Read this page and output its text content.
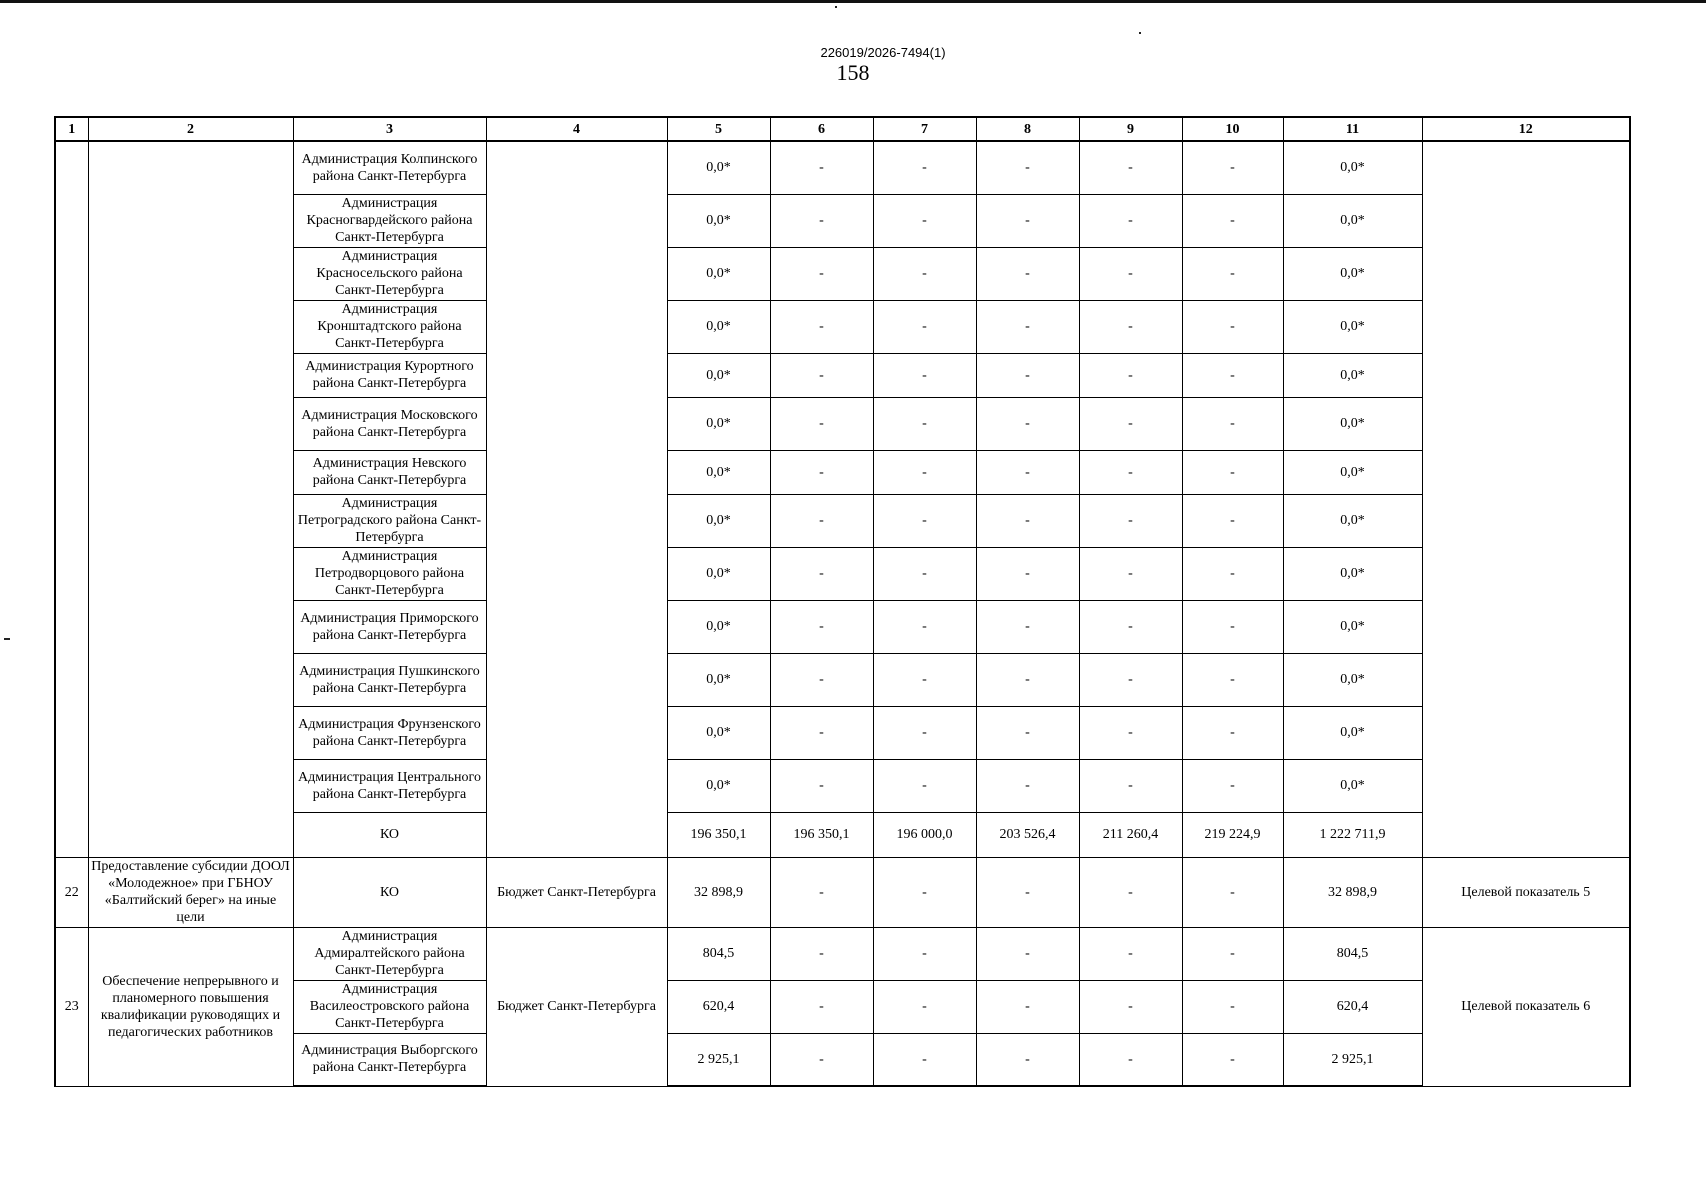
226019/2026-7494(1)
158
1	2	3	4	5	6	7	8	9	10	11	12
		Администрация Колпинского района Санкт-Петербурга		0,0*	-	-	-	-	-	0,0*	
		Администрация Красногвардейского района Санкт-Петербурга		0,0*	-	-	-	-	-	0,0*	
		Администрация Красносельского района Санкт-Петербурга		0,0*	-	-	-	-	-	0,0*	
		Администрация Кронштадтского района Санкт-Петербурга		0,0*	-	-	-	-	-	0,0*	
		Администрация Курортного района Санкт-Петербурга		0,0*	-	-	-	-	-	0,0*	
		Администрация Московского района Санкт-Петербурга		0,0*	-	-	-	-	-	0,0*	
		Администрация Невского района Санкт-Петербурга		0,0*	-	-	-	-	-	0,0*	
		Администрация Петроградского района Санкт-Петербурга		0,0*	-	-	-	-	-	0,0*	
		Администрация Петродворцового района Санкт-Петербурга		0,0*	-	-	-	-	-	0,0*	
		Администрация Приморского района Санкт-Петербурга		0,0*	-	-	-	-	-	0,0*	
		Администрация Пушкинского района Санкт-Петербурга		0,0*	-	-	-	-	-	0,0*	
		Администрация Фрунзенского района Санкт-Петербурга		0,0*	-	-	-	-	-	0,0*	
		Администрация Центрального района Санкт-Петербурга		0,0*	-	-	-	-	-	0,0*	
		КО		196 350,1	196 350,1	196 000,0	203 526,4	211 260,4	219 224,9	1 222 711,9	
22	Предоставление субсидии ДООЛ «Молодежное» при ГБНОУ «Балтийский берег» на иные цели	КО	Бюджет Санкт-Петербурга	32 898,9	-	-	-	-	-	32 898,9	Целевой показатель 5
23	Обеспечение непрерывного и планомерного повышения квалификации руководящих и педагогических работников	Администрация Адмиралтейского района Санкт-Петербурга	Бюджет Санкт-Петербурга	804,5	-	-	-	-	-	804,5	Целевой показатель 6
		Администрация Василеостровского района Санкт-Петербурга		620,4	-	-	-	-	-	620,4	
		Администрация Выборгского района Санкт-Петербурга		2 925,1	-	-	-	-	-	2 925,1	
